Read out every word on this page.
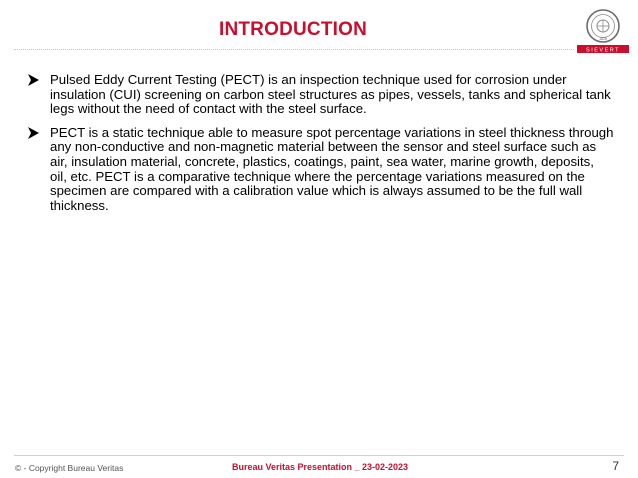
INTRODUCTION	1828
SIEVERT
Pulsed Eddy Current Testing (PECT) is an inspection technique used for corrosion under insulation (CUI) screening on carbon steel structures as pipes, vessels, tanks and spherical tank legs without the need of contact with the steel surface.
PECT is a static technique able to measure spot percentage variations in steel thickness through any non-conductive and non-magnetic material between the sensor and steel surface such as air, insulation material, concrete, plastics, coatings, paint, sea water, marine growth, deposits, oil, etc. PECT is a comparative technique where the percentage variations measured on the specimen are compared with a calibration value which is always assumed to be the full wall thickness.
© - Copyright Bureau Veritas	Bureau Veritas Presentation _ 23-02-2023	7
